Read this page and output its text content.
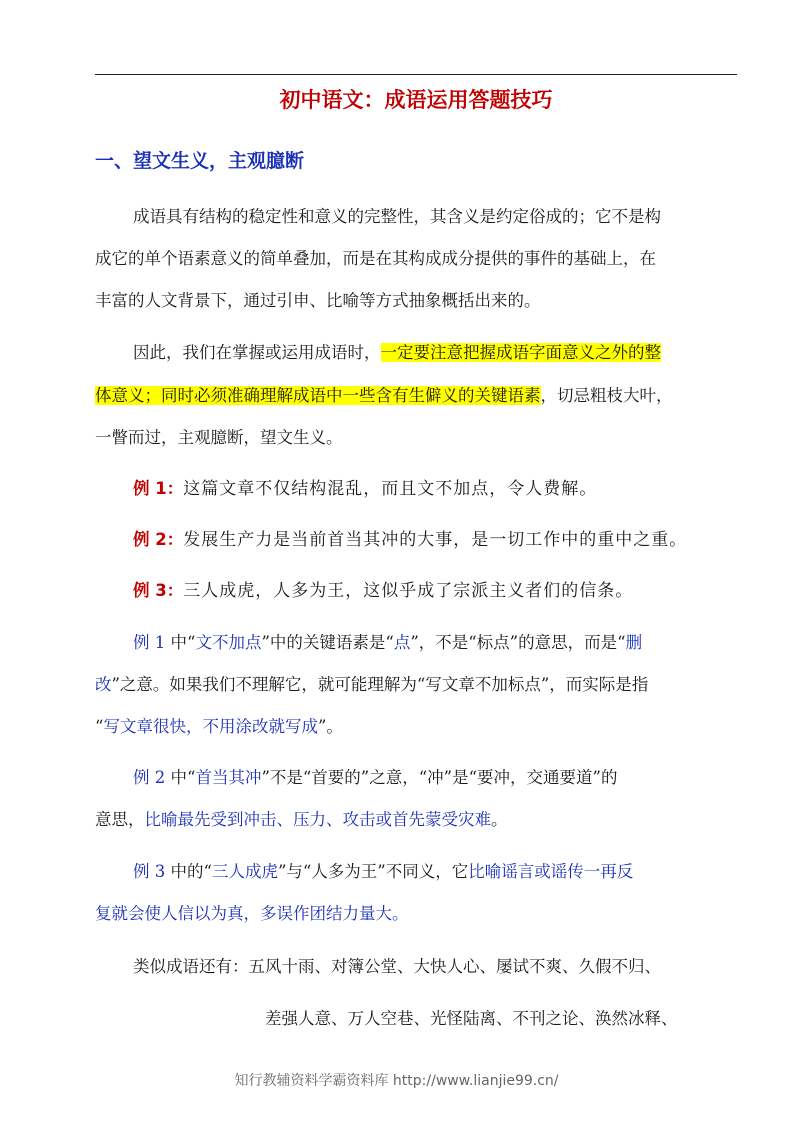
初中语文：成语运用答题技巧
一、望文生义，主观臆断
成语具有结构的稳定性和意义的完整性，其含义是约定俗成的；它不是构
成它的单个语素意义的简单叠加，而是在其构成成分提供的事件的基础上，在
丰富的人文背景下，通过引申、比喻等方式抽象概括出来的。
因此，我们在掌握或运用成语时，一定要注意把握成语字面意义之外的整
体意义；同时必须准确理解成语中一些含有生僻义的关键语素，切忌粗枝大叶，
一瞥而过，主观臆断，望文生义。
例 1：这篇文章不仅结构混乱，而且文不加点，令人费解。
例 2：发展生产力是当前首当其冲的大事，是一切工作中的重中之重。
例 3：三人成虎，人多为王，这似乎成了宗派主义者们的信条。
例 1 中“文不加点”中的关键语素是“点”，不是“标点”的意思，而是“删
改”之意。如果我们不理解它，就可能理解为“写文章不加标点”，而实际是指
“写文章很快，不用涂改就写成”。
例 2 中“首当其冲”不是“首要的”之意，“冲”是“要冲，交通要道”的
意思，比喻最先受到冲击、压力、攻击或首先蒙受灾难。
例 3 中的“三人成虎”与“人多为王”不同义，它比喻谣言或谣传一再反
复就会使人信以为真，多误作团结力量大。
类似成语还有：五风十雨、对簿公堂、大快人心、屡试不爽、久假不归、
差强人意、万人空巷、光怪陆离、不刊之论、涣然冰释、
知行教辅资料学霸资料库 http://www.lianjie99.cn/
